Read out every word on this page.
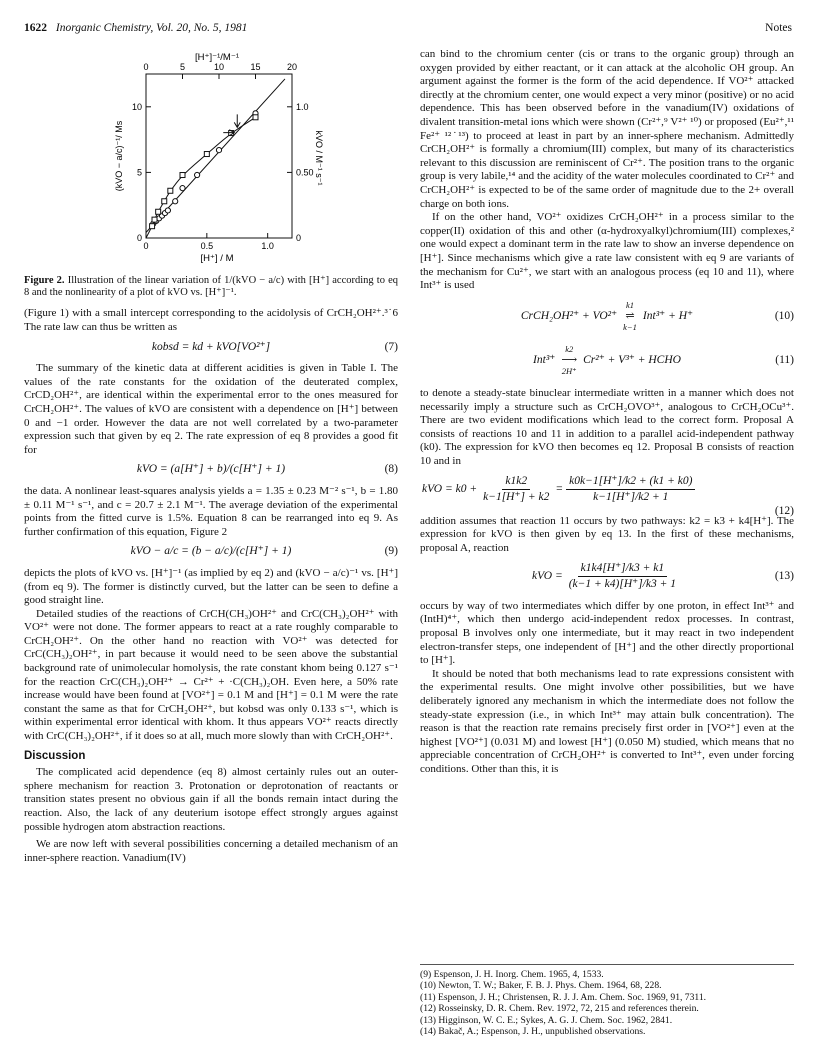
1622 Inorganic Chemistry, Vol. 20, No. 5, 1981	Notes
0	5	10	15	20
0	0.5	1.0
0
5
10
0
0.50
1.0
[H⁺]⁻¹/M⁻¹
[H⁺] / M
(kVO − a/c)⁻¹/ Ms	kVO / M⁻¹ s⁻¹
Figure 2. Illustration of the linear variation of 1/(kVO − a/c) with [H⁺] according to eq 8 and the nonlinearity of a plot of kVO vs. [H⁺]⁻¹.

(Figure 1) with a small intercept corresponding to the acidolysis of CrCH₂OH²⁺.³˙6 The rate law can thus be written as

kobsd = kd + kVO[VO²⁺]	(7)

The summary of the kinetic data at different acidities is given in Table I. The values of the rate constants for the oxidation of the deuterated complex, CrCD₂OH²⁺, are identical within the experimental error to the ones measured for CrCH₂OH²⁺. The values of kVO are consistent with a dependence on [H⁺] between 0 and −1 order. However the data are not well correlated by a two-parameter expression such that given by eq 2. The rate expression of eq 8 provides a good fit for

kVO = (a[H⁺] + b)/(c[H⁺] + 1)	(8)

the data. A nonlinear least-squares analysis yields a = 1.35 ± 0.23 M⁻² s⁻¹, b = 1.80 ± 0.11 M⁻¹ s⁻¹, and c = 20.7 ± 2.1 M⁻¹. The average deviation of the experimental points from the fitted curve is 1.5%. Equation 8 can be rearranged into eq 9. As further confirmation of this equation, Figure 2

kVO − a/c = (b − a/c)/(c[H⁺] + 1)	(9)

depicts the plots of kVO vs. [H⁺]⁻¹ (as implied by eq 2) and (kVO − a/c)⁻¹ vs. [H⁺] (from eq 9). The former is distinctly curved, but the latter can be seen to define a good straight line.

Detailed studies of the reactions of CrCH(CH₃)OH²⁺ and CrC(CH₃)₂OH²⁺ with VO²⁺ were not done. The former appears to react at a rate roughly comparable to CrCH₂OH²⁺. On the other hand no reaction with VO²⁺ was detected for CrC(CH₃)₂OH²⁺, in part because it would need to be seen above the substantial background rate of unimolecular homolysis, the rate constant khom being 0.127 s⁻¹ for the reaction CrC(CH₃)₂OH²⁺ → Cr²⁺ + ·C(CH₃)₂OH. Even here, a 50% rate increase would have been found at [VO²⁺] = 0.1 M and [H⁺] = 0.1 M were the rate constant the same as that for CrCH₂OH²⁺, but kobsd was only 0.133 s⁻¹, which is within experimental error identical with khom. It thus appears VO²⁺ reacts directly with CrC(CH₃)₂OH²⁺, if it does so at all, much more slowly than with CrCH₂OH²⁺.

Discussion

The complicated acid dependence (eq 8) almost certainly rules out an outer-sphere mechanism for reaction 3. Protonation or deprotonation of reactants or transition states present no obvious gain if all the bonds remain intact during the reaction. Also, the lack of any deuterium isotope effect strongly argues against possible hydrogen atom abstraction reactions.

We are now left with several possibilities concerning a detailed mechanism of an inner-sphere reaction. Vanadium(IV)

can bind to the chromium center (cis or trans to the organic group) through an oxygen provided by either reactant, or it can attack at the alcoholic OH group. An argument against the former is the form of the acid dependence. If VO²⁺ attacked directly at the chromium center, one would expect a very minor (positive) or no acid dependence. This has been observed before in the vanadium(IV) oxidations of divalent transition-metal ions which were shown (Cr²⁺,⁹ V²⁺ ¹⁰) or proposed (Eu²⁺,¹¹ Fe²⁺ ¹²˙¹³) to proceed at least in part by an inner-sphere mechanism. Admittedly CrCH₂OH²⁺ is formally a chromium(III) complex, but many of its characteristics relevant to this discussion are reminiscent of Cr²⁺. The position trans to the organic group is very labile,¹⁴ and the acidity of the water molecules coordinated to Cr²⁺ and CrCH₂OH²⁺ is expected to be of the same order of magnitude due to the 2+ overall charge on both ions.

If on the other hand, VO²⁺ oxidizes CrCH₂OH²⁺ in a process similar to the copper(II) oxidation of this and other (α-hydroxyalkyl)chromium(III) complexes,² one would expect a dominant term in the rate law to show an inverse dependence on [H⁺]. Since mechanisms which give a rate law consistent with eq 9 are variants of the mechanism for Cu²⁺, we start with an analogous process (eq 10 and 11), where Int³⁺ is used

CrCH₂OH²⁺ + VO²⁺
k1
⇌
k−1
Int³⁺ + H⁺	(10)
Int³⁺
k2
⟶
2H⁺
Cr²⁺ + V³⁺ + HCHO	(11)

to denote a steady-state binuclear intermediate written in a manner which does not necessarily imply a structure such as CrCH₂OVO³⁺, analogous to CrCH₂OCu³⁺. There are two evident modifications which lead to the correct form. Proposal A consists of reactions 10 and 11 in addition to a parallel acid-independent pathway (k0). The expression for kVO then becomes eq 12. Proposal B consists of reaction 10 and in

kVO = $k0 + \frac{k1k2}{k-1[H^+] + k2} = \frac{k0k-1[H^+]/k2 + (k1 + k0)}{k-1[H^+]/k2 + 1}$
(12)

addition assumes that reaction 11 occurs by two pathways: k2 = k3 + k4[H⁺]. The expression for kVO is then given by eq 13. In the first of these mechanisms, proposal A, reaction

kVO = $\frac{k1k4[H^+]/k3 + k1}{(k-1 + k4)[H^+]/k3 + 1}$	(13)

occurs by way of two intermediates which differ by one proton, in effect Int³⁺ and (IntH)⁴⁺, which then undergo acid-independent redox processes. In contrast, proposal B involves only one intermediate, but it may react in two independent electron-transfer steps, one independent of [H⁺] and the other directly proportional to [H⁺].

It should be noted that both mechanisms lead to rate expressions consistent with the experimental results. One might involve other possibilities, but we have deliberately ignored any mechanism in which the intermediate does not follow the steady-state expression (i.e., in which Int³⁺ may attain bulk concentration). The reason is that the reaction rate remains precisely first order in [VO²⁺] even at the highest [VO²⁺] (0.031 M) and lowest [H⁺] (0.050 M) studied, which means that no appreciable concentration of CrCH₂OH²⁺ is converted to Int³⁺, even under forcing conditions. Other than this, it is

(9) Espenson, J. H. Inorg. Chem. 1965, 4, 1533.
(10) Newton, T. W.; Baker, F. B. J. Phys. Chem. 1964, 68, 228.
(11) Espenson, J. H.; Christensen, R. J. J. Am. Chem. Soc. 1969, 91, 7311.
(12) Rosseinsky, D. R. Chem. Rev. 1972, 72, 215 and references therein.
(13) Higginson, W. C. E.; Sykes, A. G. J. Chem. Soc. 1962, 2841.
(14) Bakač, A.; Espenson, J. H., unpublished observations.
